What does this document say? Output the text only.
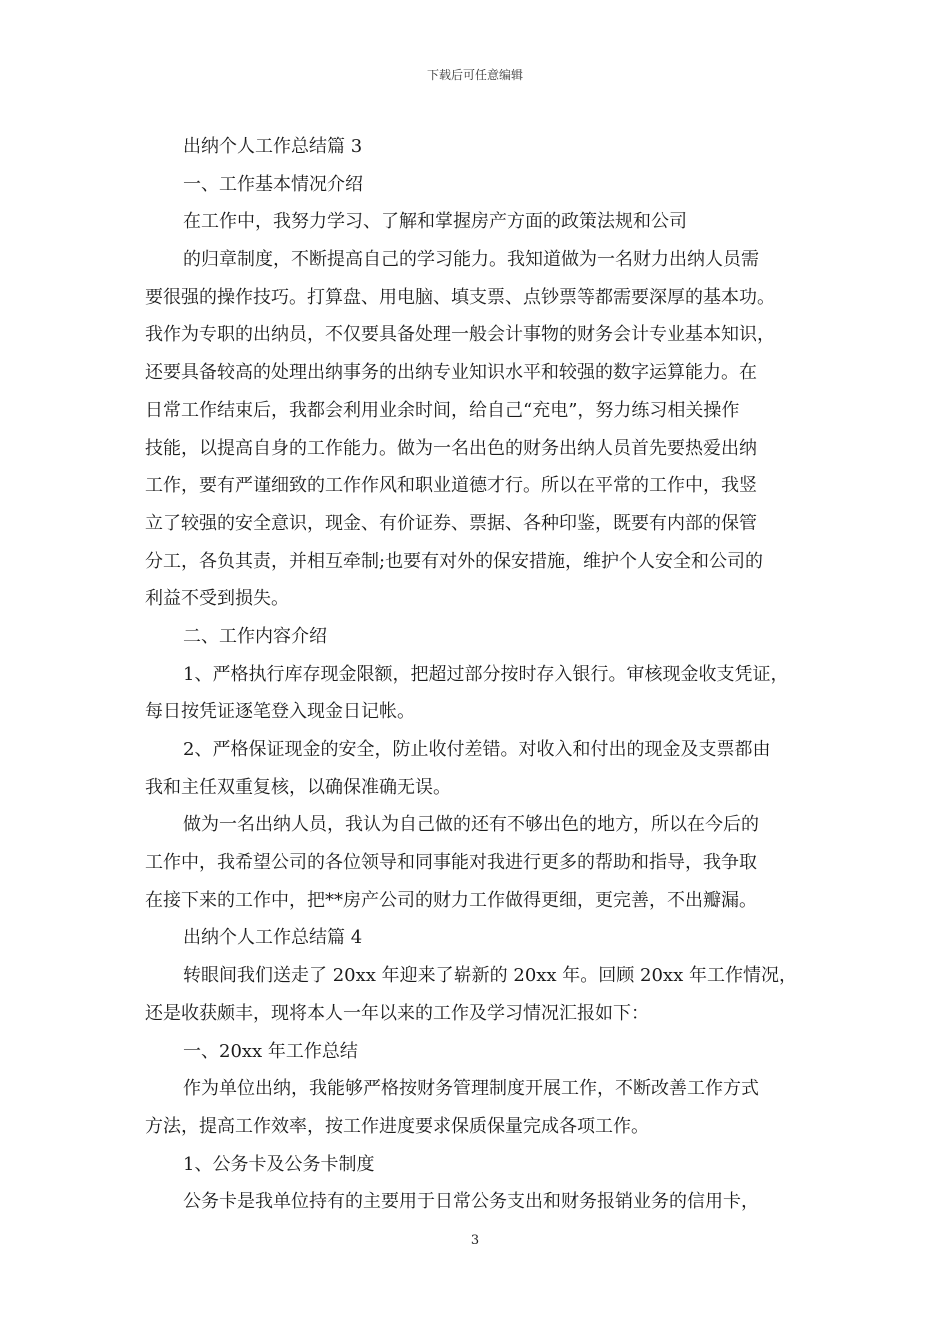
下载后可任意编辑
出纳个人工作总结篇 3
一、工作基本情况介绍
在工作中，我努力学习、了解和掌握房产方面的政策法规和公司
的归章制度，不断提高自己的学习能力。我知道做为一名财力出纳人员需
要很强的操作技巧。打算盘、用电脑、填支票、点钞票等都需要深厚的基本功。
我作为专职的出纳员，不仅要具备处理一般会计事物的财务会计专业基本知识，
还要具备较高的处理出纳事务的出纳专业知识水平和较强的数字运算能力。在
日常工作结束后，我都会利用业余时间，给自己“充电”，努力练习相关操作
技能，以提高自身的工作能力。做为一名出色的财务出纳人员首先要热爱出纳
工作，要有严谨细致的工作作风和职业道德才行。所以在平常的工作中，我竖
立了较强的安全意识，现金、有价证券、票据、各种印鉴，既要有内部的保管
分工，各负其责，并相互牵制;也要有对外的保安措施，维护个人安全和公司的
利益不受到损失。
二、工作内容介绍
1、严格执行库存现金限额，把超过部分按时存入银行。审核现金收支凭证，
每日按凭证逐笔登入现金日记帐。
2、严格保证现金的安全，防止收付差错。对收入和付出的现金及支票都由
我和主任双重复核，以确保准确无误。
做为一名出纳人员，我认为自己做的还有不够出色的地方，所以在今后的
工作中，我希望公司的各位领导和同事能对我进行更多的帮助和指导，我争取
在接下来的工作中，把**房产公司的财力工作做得更细，更完善，不出瓣漏。
出纳个人工作总结篇 4
转眼间我们送走了 20xx 年迎来了崭新的 20xx 年。回顾 20xx 年工作情况，
还是收获颇丰，现将本人一年以来的工作及学习情况汇报如下：
一、20xx 年工作总结
作为单位出纳，我能够严格按财务管理制度开展工作，不断改善工作方式
方法，提高工作效率，按工作进度要求保质保量完成各项工作。
1、公务卡及公务卡制度
公务卡是我单位持有的主要用于日常公务支出和财务报销业务的信用卡，
3
